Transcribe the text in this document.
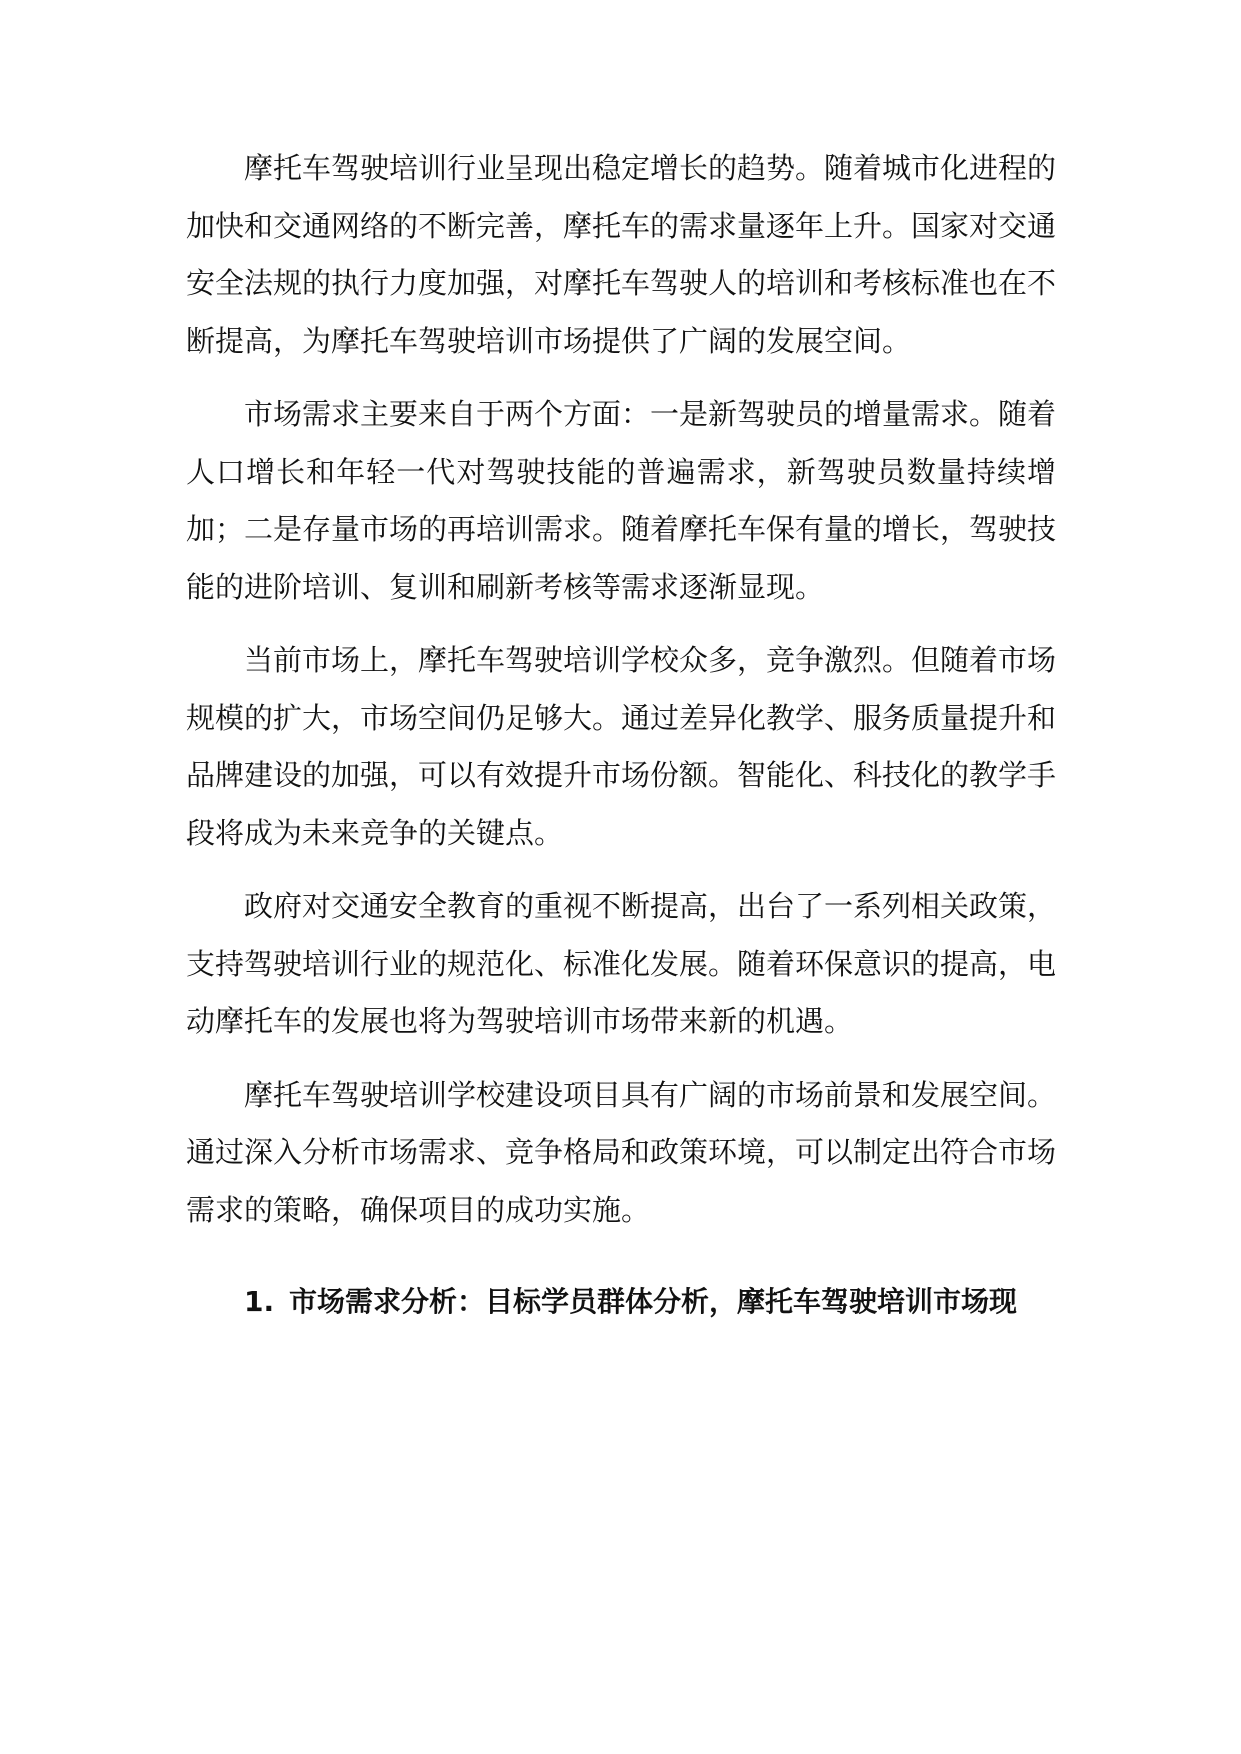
摩托车驾驶培训行业呈现出稳定增长的趋势。随着城市化进程的加快和交通网络的不断完善，摩托车的需求量逐年上升。国家对交通安全法规的执行力度加强，对摩托车驾驶人的培训和考核标准也在不断提高，为摩托车驾驶培训市场提供了广阔的发展空间。

市场需求主要来自于两个方面：一是新驾驶员的增量需求。随着人口增长和年轻一代对驾驶技能的普遍需求，新驾驶员数量持续增加；二是存量市场的再培训需求。随着摩托车保有量的增长，驾驶技能的进阶培训、复训和刷新考核等需求逐渐显现。

当前市场上，摩托车驾驶培训学校众多，竞争激烈。但随着市场规模的扩大，市场空间仍足够大。通过差异化教学、服务质量提升和品牌建设的加强，可以有效提升市场份额。智能化、科技化的教学手段将成为未来竞争的关键点。

政府对交通安全教育的重视不断提高，出台了一系列相关政策，支持驾驶培训行业的规范化、标准化发展。随着环保意识的提高，电动摩托车的发展也将为驾驶培训市场带来新的机遇。

摩托车驾驶培训学校建设项目具有广阔的市场前景和发展空间。通过深入分析市场需求、竞争格局和政策环境，可以制定出符合市场需求的策略，确保项目的成功实施。

1. 市场需求分析：目标学员群体分析，摩托车驾驶培训市场现
